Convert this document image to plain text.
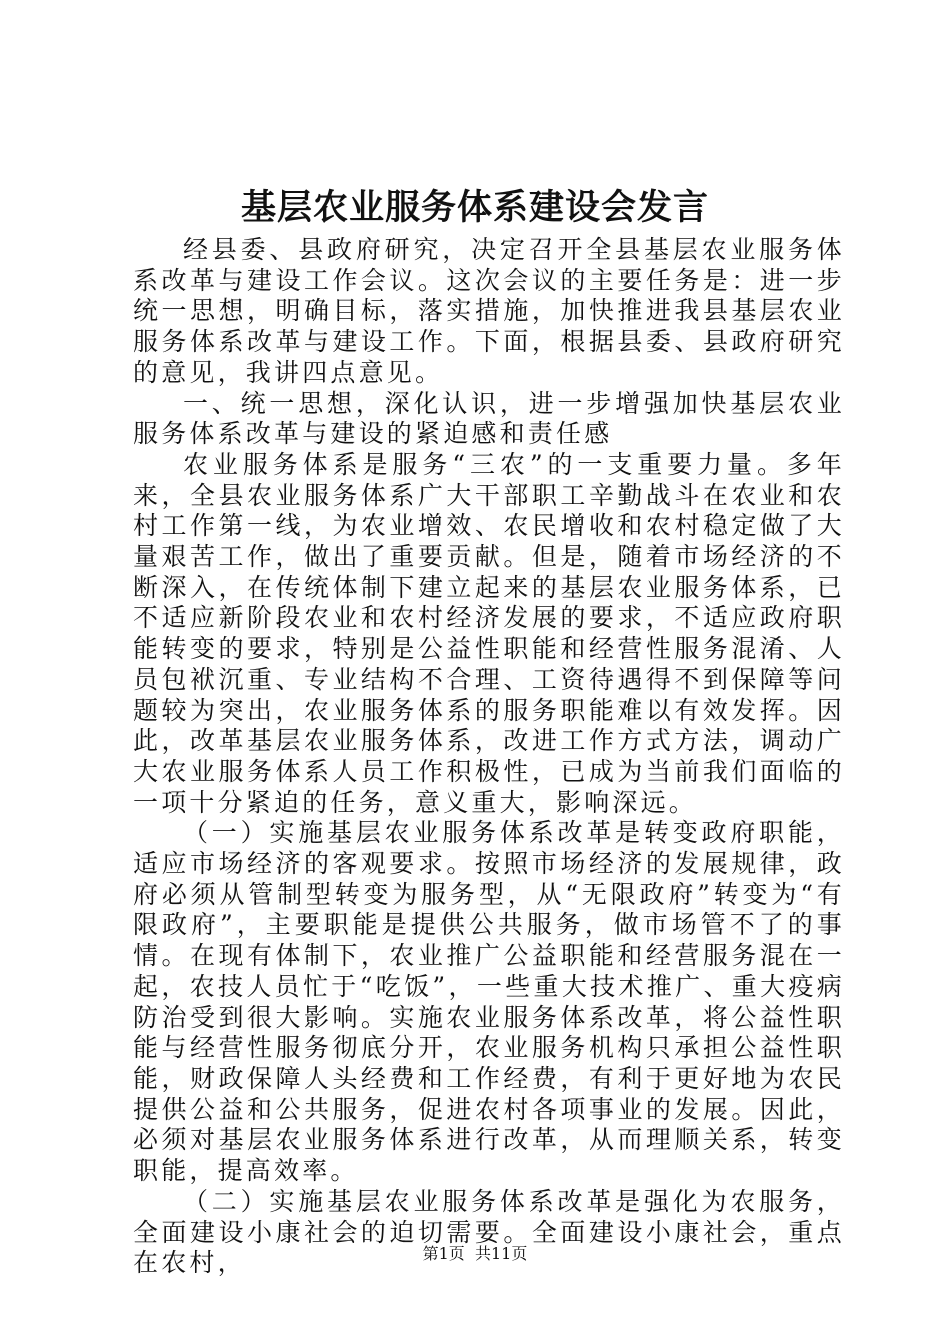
基层农业服务体系建设会发言

经县委、县政府研究，决定召开全县基层农业服务体系改革与建设工作会议。这次会议的主要任务是：进一步统一思想，明确目标，落实措施，加快推进我县基层农业服务体系改革与建设工作。下面，根据县委、县政府研究的意见，我讲四点意见。

一、统一思想，深化认识，进一步增强加快基层农业服务体系改革与建设的紧迫感和责任感

农业服务体系是服务“三农”的一支重要力量。多年来，全县农业服务体系广大干部职工辛勤战斗在农业和农村工作第一线，为农业增效、农民增收和农村稳定做了大量艰苦工作，做出了重要贡献。但是，随着市场经济的不断深入，在传统体制下建立起来的基层农业服务体系，已不适应新阶段农业和农村经济发展的要求，不适应政府职能转变的要求，特别是公益性职能和经营性服务混淆、人员包袱沉重、专业结构不合理、工资待遇得不到保障等问题较为突出，农业服务体系的服务职能难以有效发挥。因此，改革基层农业服务体系，改进工作方式方法，调动广大农业服务体系人员工作积极性，已成为当前我们面临的一项十分紧迫的任务，意义重大，影响深远。

（一）实施基层农业服务体系改革是转变政府职能，适应市场经济的客观要求。按照市场经济的发展规律，政府必须从管制型转变为服务型，从“无限政府”转变为“有限政府”，主要职能是提供公共服务，做市场管不了的事情。在现有体制下，农业推广公益职能和经营服务混在一起，农技人员忙于“吃饭”，一些重大技术推广、重大疫病防治受到很大影响。实施农业服务体系改革，将公益性职能与经营性服务彻底分开，农业服务机构只承担公益性职能，财政保障人头经费和工作经费，有利于更好地为农民提供公益和公共服务，促进农村各项事业的发展。因此，必须对基层农业服务体系进行改革，从而理顺关系，转变职能，提高效率。

（二）实施基层农业服务体系改革是强化为农服务，全面建设小康社会的迫切需要。全面建设小康社会，重点在农村，	第1页 共11页
